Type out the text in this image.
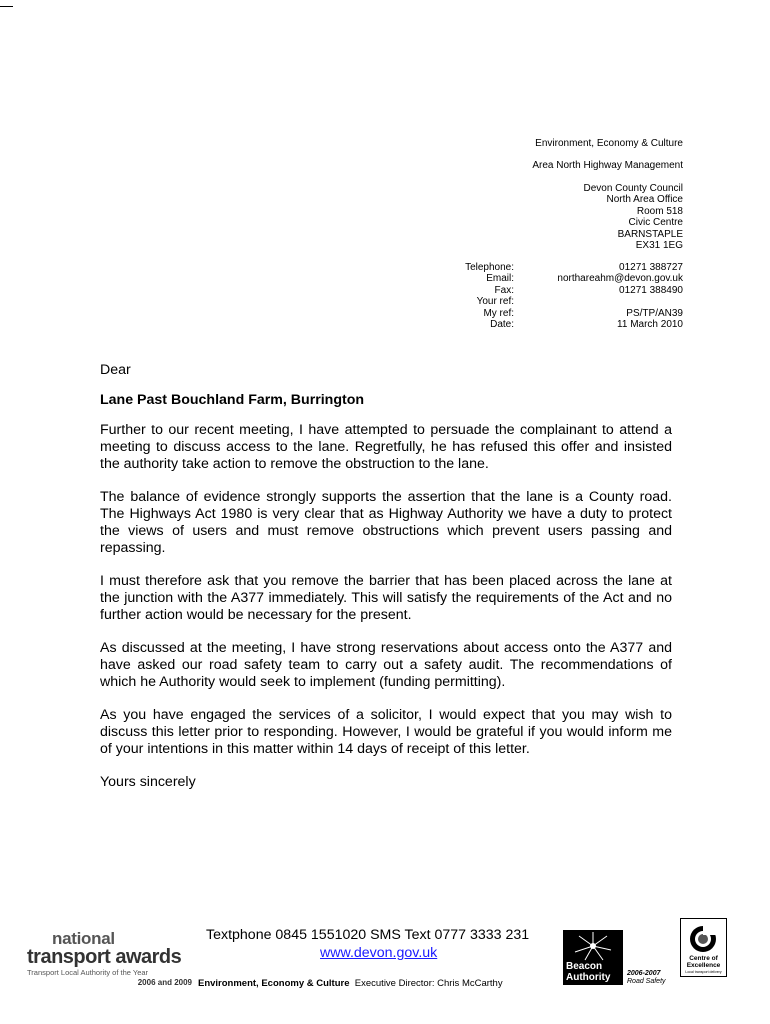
Environment, Economy & Culture
Area North Highway Management
Devon County Council
North Area Office
Room 518
Civic Centre
BARNSTAPLE
EX31 1EG
Telephone:
Email:
Fax:
Your ref:
My ref:
Date:
01271 388727
northareahm@devon.gov.uk
01271 388490
PS/TP/AN39
11 March 2010

Dear

Lane Past Bouchland Farm, Burrington

Further to our recent meeting, I have attempted to persuade the complainant to attend a meeting to discuss access to the lane. Regretfully, he has refused this offer and insisted the authority take action to remove the obstruction to the lane.

The balance of evidence strongly supports the assertion that the lane is a County road. The Highways Act 1980 is very clear that as Highway Authority we have a duty to protect the views of users and must remove obstructions which prevent users passing and repassing.

I must therefore ask that you remove the barrier that has been placed across the lane at the junction with the A377 immediately. This will satisfy the requirements of the Act and no further action would be necessary for the present.

As discussed at the meeting, I have strong reservations about access onto the A377 and have asked our road safety team to carry out a safety audit. The recommendations of which he Authority would seek to implement (funding permitting).

As you have engaged the services of a solicitor, I would expect that you may wish to discuss this letter prior to responding. However, I would be grateful if you would inform me of your intentions in this matter within 14 days of receipt of this letter.

Yours sincerely

national
transport awards
Transport Local Authority of the Year
2006 and 2009
Textphone 0845 1551020 SMS Text 0777 3333 231
www.devon.gov.uk
Environment, Economy & Culture Executive Director: Chris McCarthy
Beacon
Authority 2006-2007
Road Safety
Centre of
Excellence
Local transport delivery
